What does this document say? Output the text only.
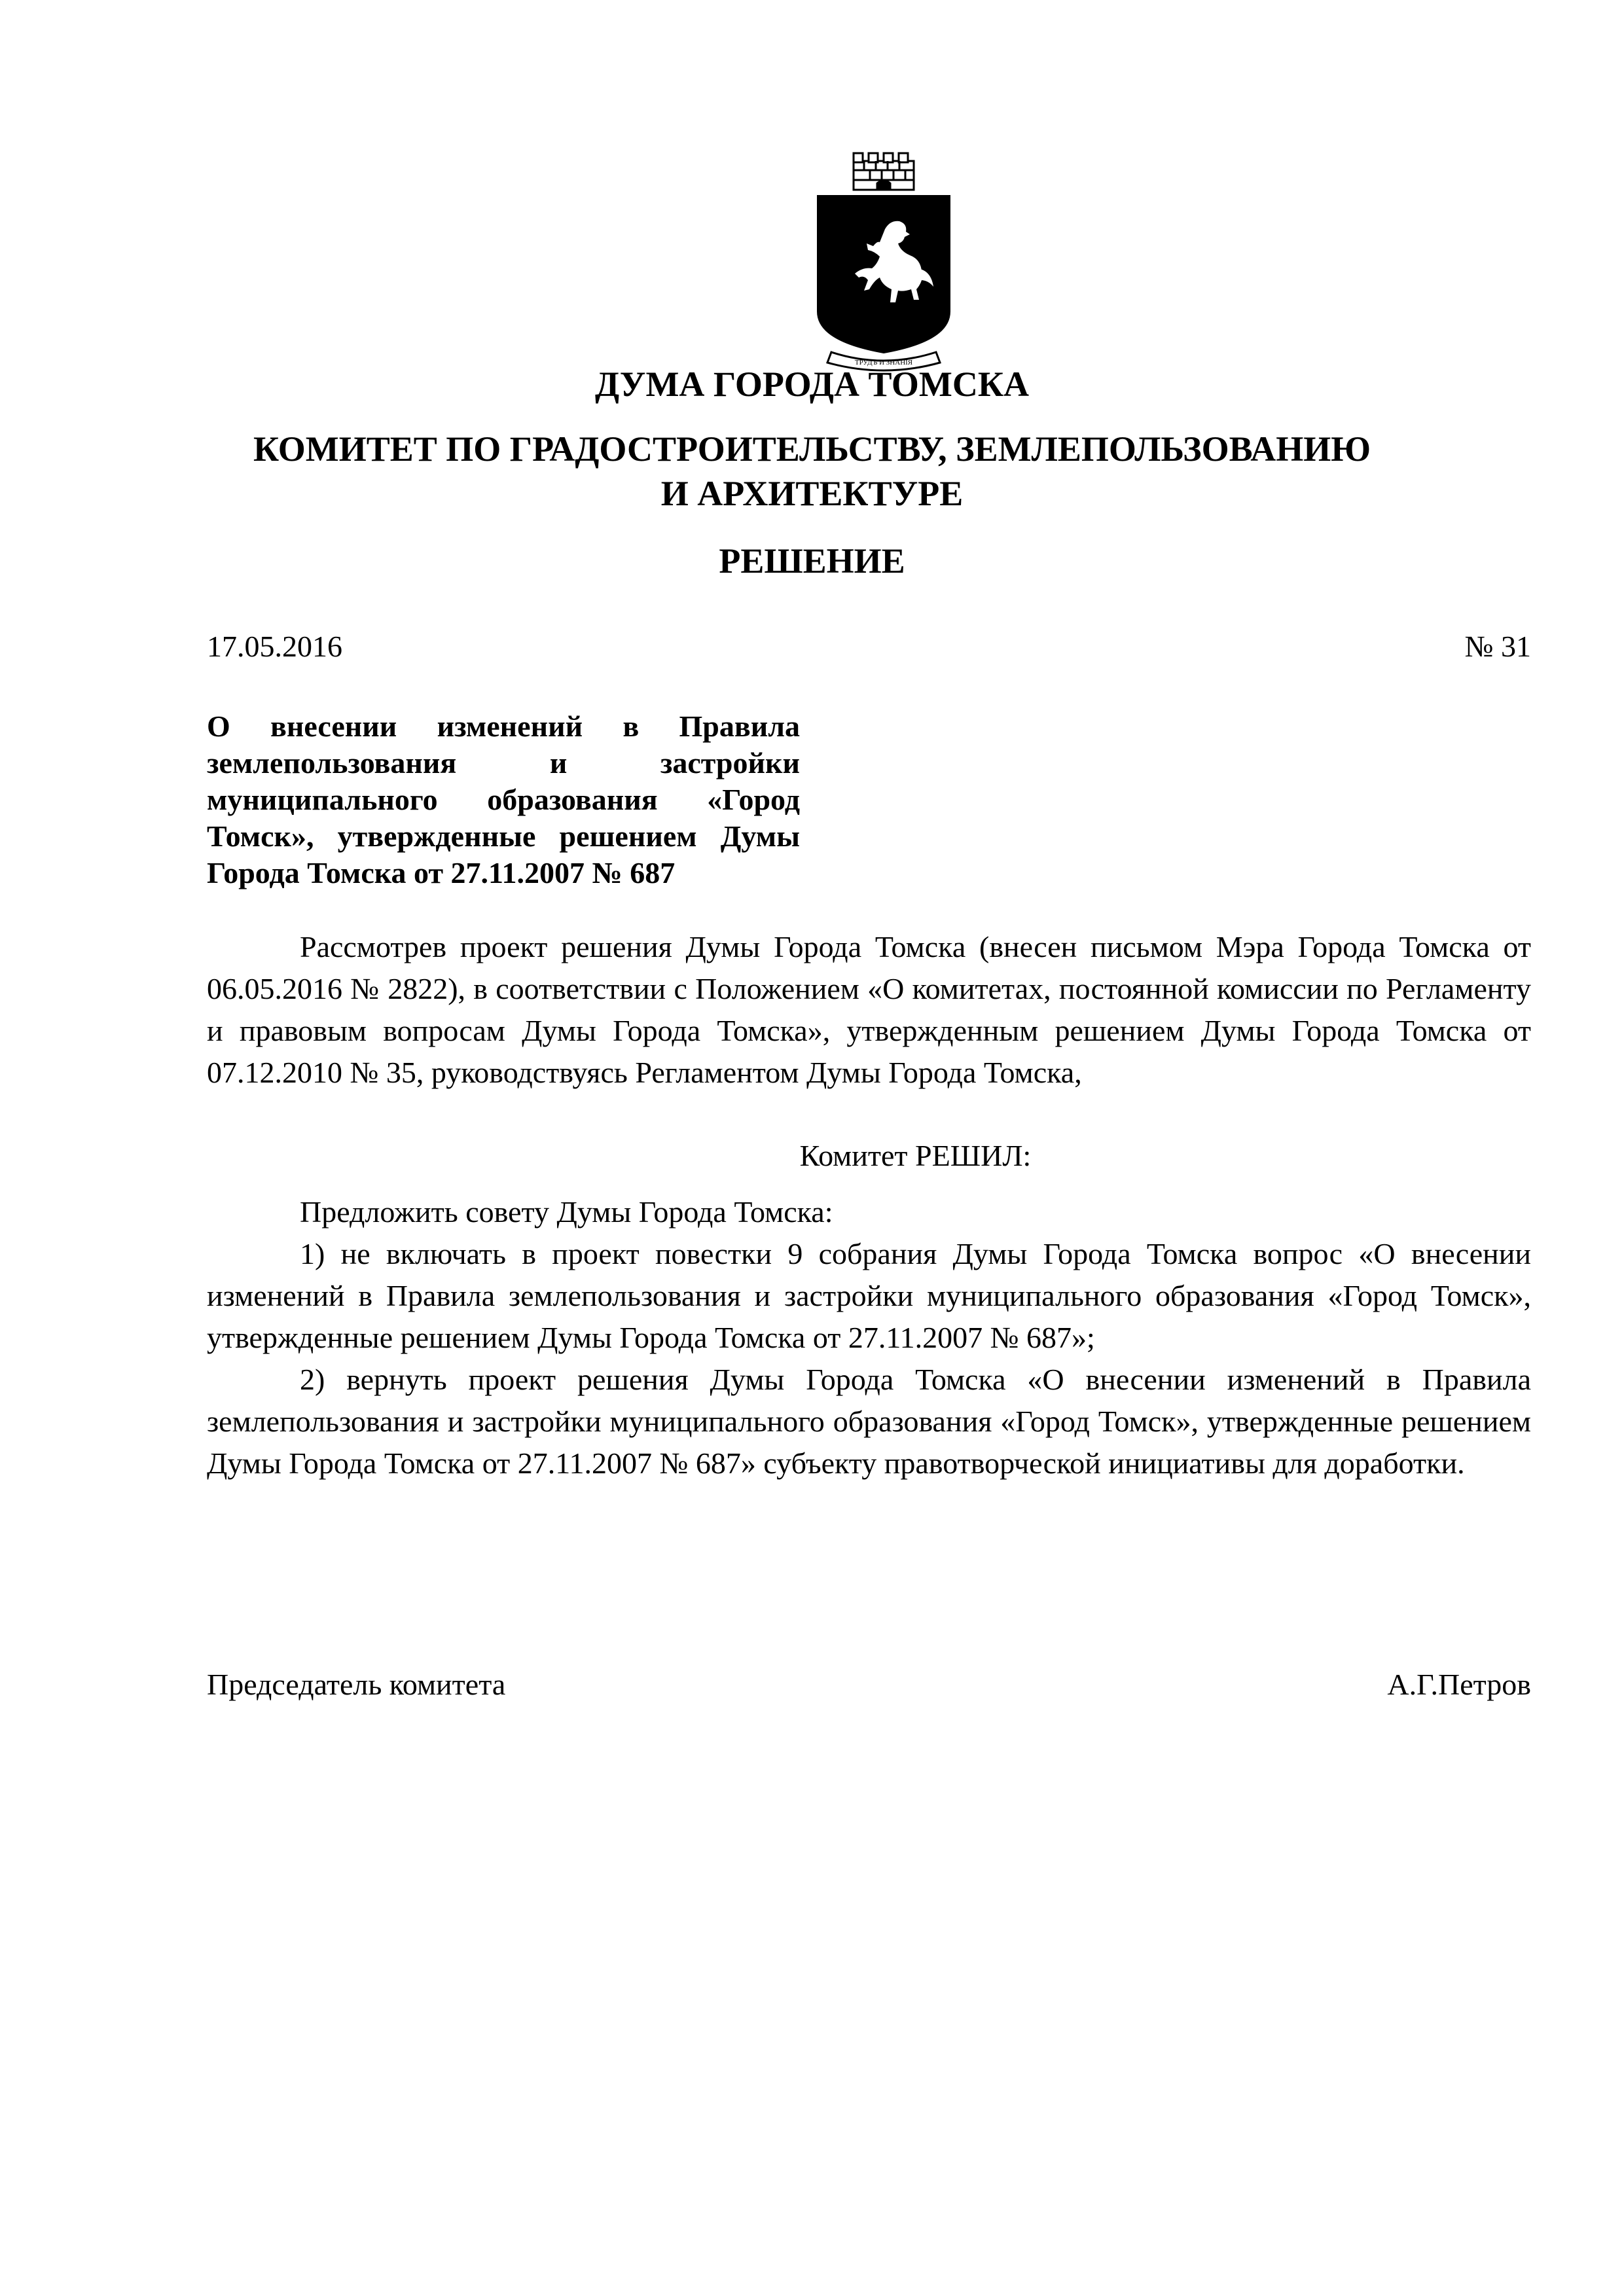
ТРУДЪ И ЗНАНIЯ
ДУМА ГОРОДА ТОМСКА
КОМИТЕТ ПО ГРАДОСТРОИТЕЛЬСТВУ, ЗЕМЛЕПОЛЬЗОВАНИЮ
И АРХИТЕКТУРЕ
РЕШЕНИЕ
17.05.2016	№ 31
О внесении изменений в Правила землепользования и застройки муниципального образования «Город Томск», утвержденные решением Думы Города Томска от 27.11.2007 № 687
Рассмотрев проект решения Думы Города Томска (внесен письмом Мэра Города Томска от 06.05.2016 № 2822), в соответствии с Положением «О комитетах, постоянной комиссии по Регламенту и правовым вопросам Думы Города Томска», утвержденным решением Думы Города Томска от 07.12.2010 № 35, руководствуясь Регламентом Думы Города Томска,
Комитет РЕШИЛ:
Предложить совету Думы Города Томска:
1) не включать в проект повестки 9 собрания Думы Города Томска вопрос «О внесении изменений в Правила землепользования и застройки муниципального образования «Город Томск», утвержденные решением Думы Города Томска от 27.11.2007 № 687»;
2) вернуть проект решения Думы Города Томска «О внесении изменений в Правила землепользования и застройки муниципального образования «Город Томск», утвержденные решением Думы Города Томска от 27.11.2007 № 687» субъекту правотворческой инициативы для доработки.
Председатель комитета	А.Г.Петров
